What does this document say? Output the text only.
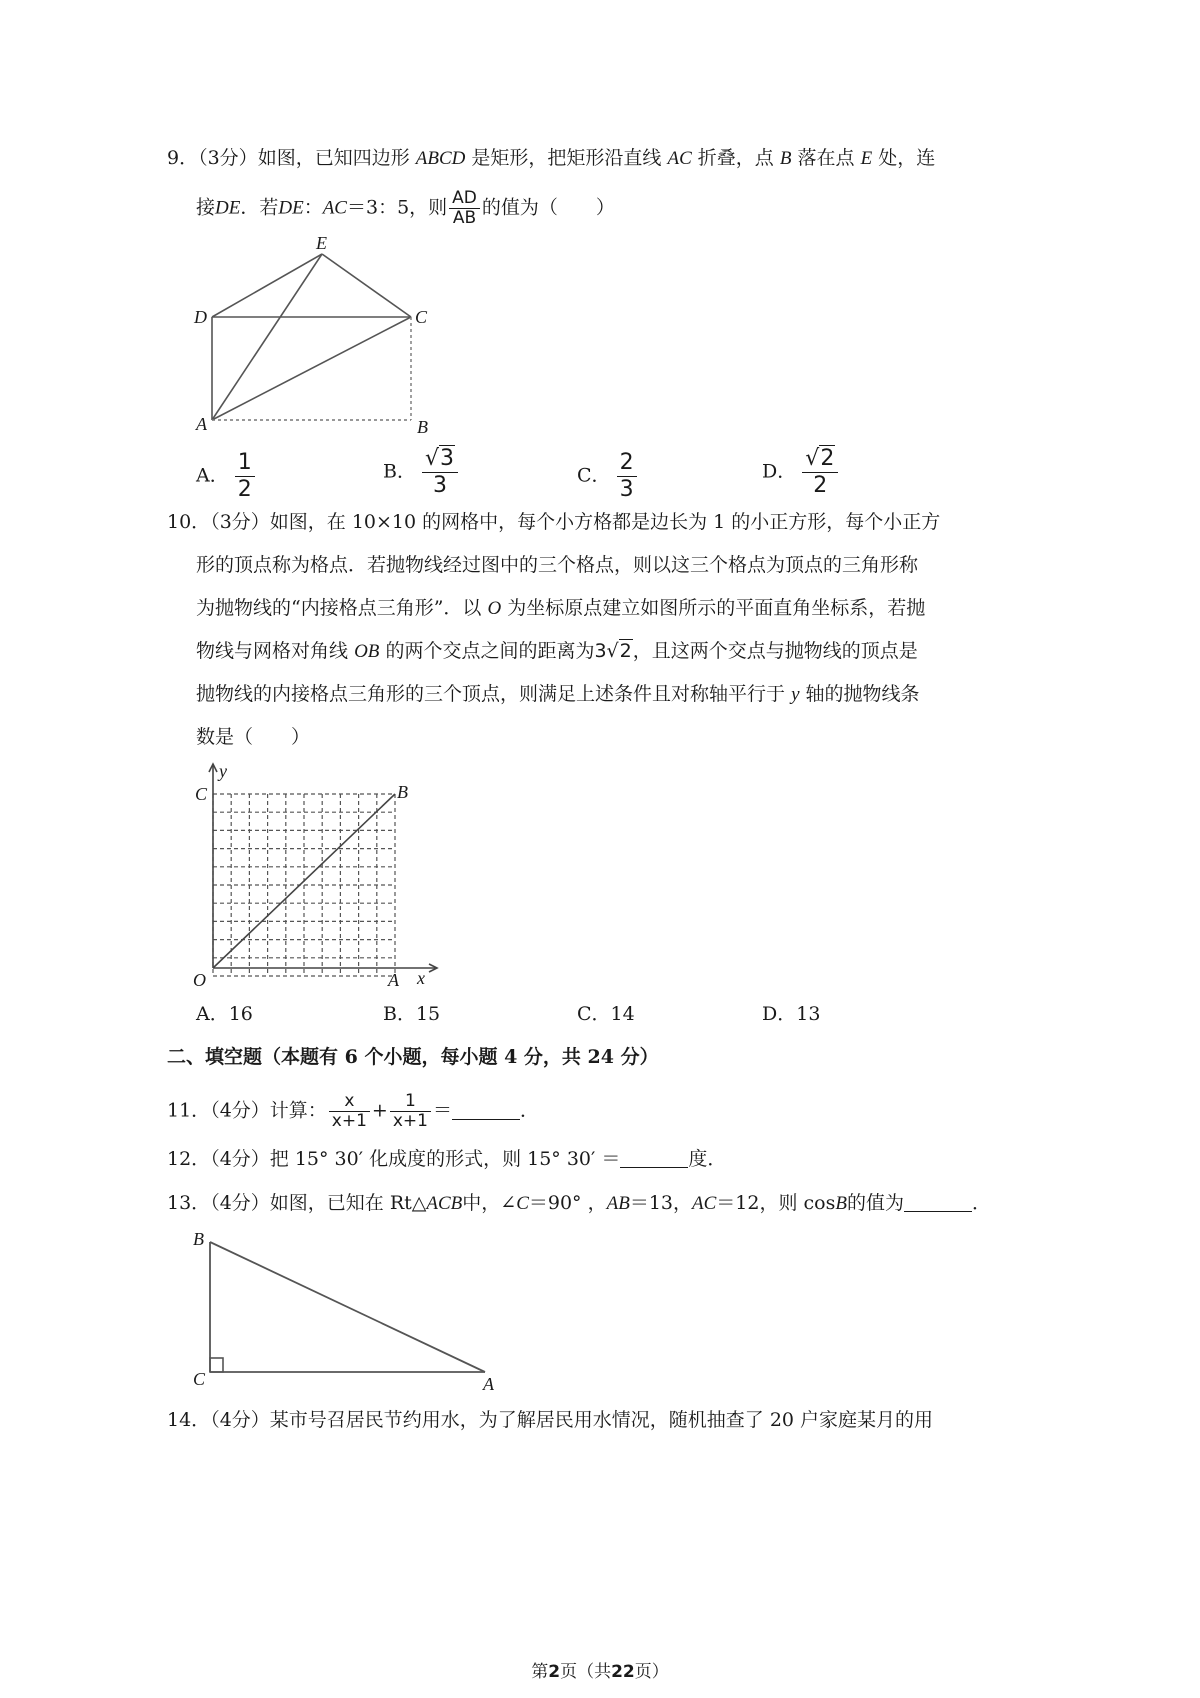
9．（3分）如图，已知四边形 ABCD 是矩形，把矩形沿直线 AC 折叠，点 B 落在点 E 处，连
接DE．若DE：AC＝3：5，则 $\frac{AD}{AB}$ 的值为（　　）
E
D	C
A	B
A． $\frac{1}{2}$	B． $\frac{√3}{3}$	C． $\frac{2}{3}$	D． $\frac{√2}{2}$
10．（3分）如图，在 10×10 的网格中，每个小方格都是边长为 1 的小正方形，每个小正方
形的顶点称为格点．若抛物线经过图中的三个格点，则以这三个格点为顶点的三角形称
为抛物线的“内接格点三角形”．以 O 为坐标原点建立如图所示的平面直角坐标系，若抛
物线与网格对角线 OB 的两个交点之间的距离为3√2，且这两个交点与抛物线的顶点是
抛物线的内接格点三角形的三个顶点，则满足上述条件且对称轴平行于 y 轴的抛物线条
数是（　　）
y
C	B
O	A x
A．16	B．15	C．14	D．13
二、填空题（本题有 6 个小题，每小题 4 分，共 24 分）
11．（4分）计算： $\frac{x}{x+1} + \frac{1}{x+1}$ ＝	．
12．（4分）把 15° 30′ 化成度的形式，则 15° 30′ ＝	度．
13．（4分）如图，已知在 Rt△ACB中，∠C＝90° ，AB＝13，AC＝12，则 cosB的值为	．
B
C	A
14．（4分）某市号召居民节约用水，为了解居民用水情况，随机抽查了 20 户家庭某月的用
第2页（共22页）
